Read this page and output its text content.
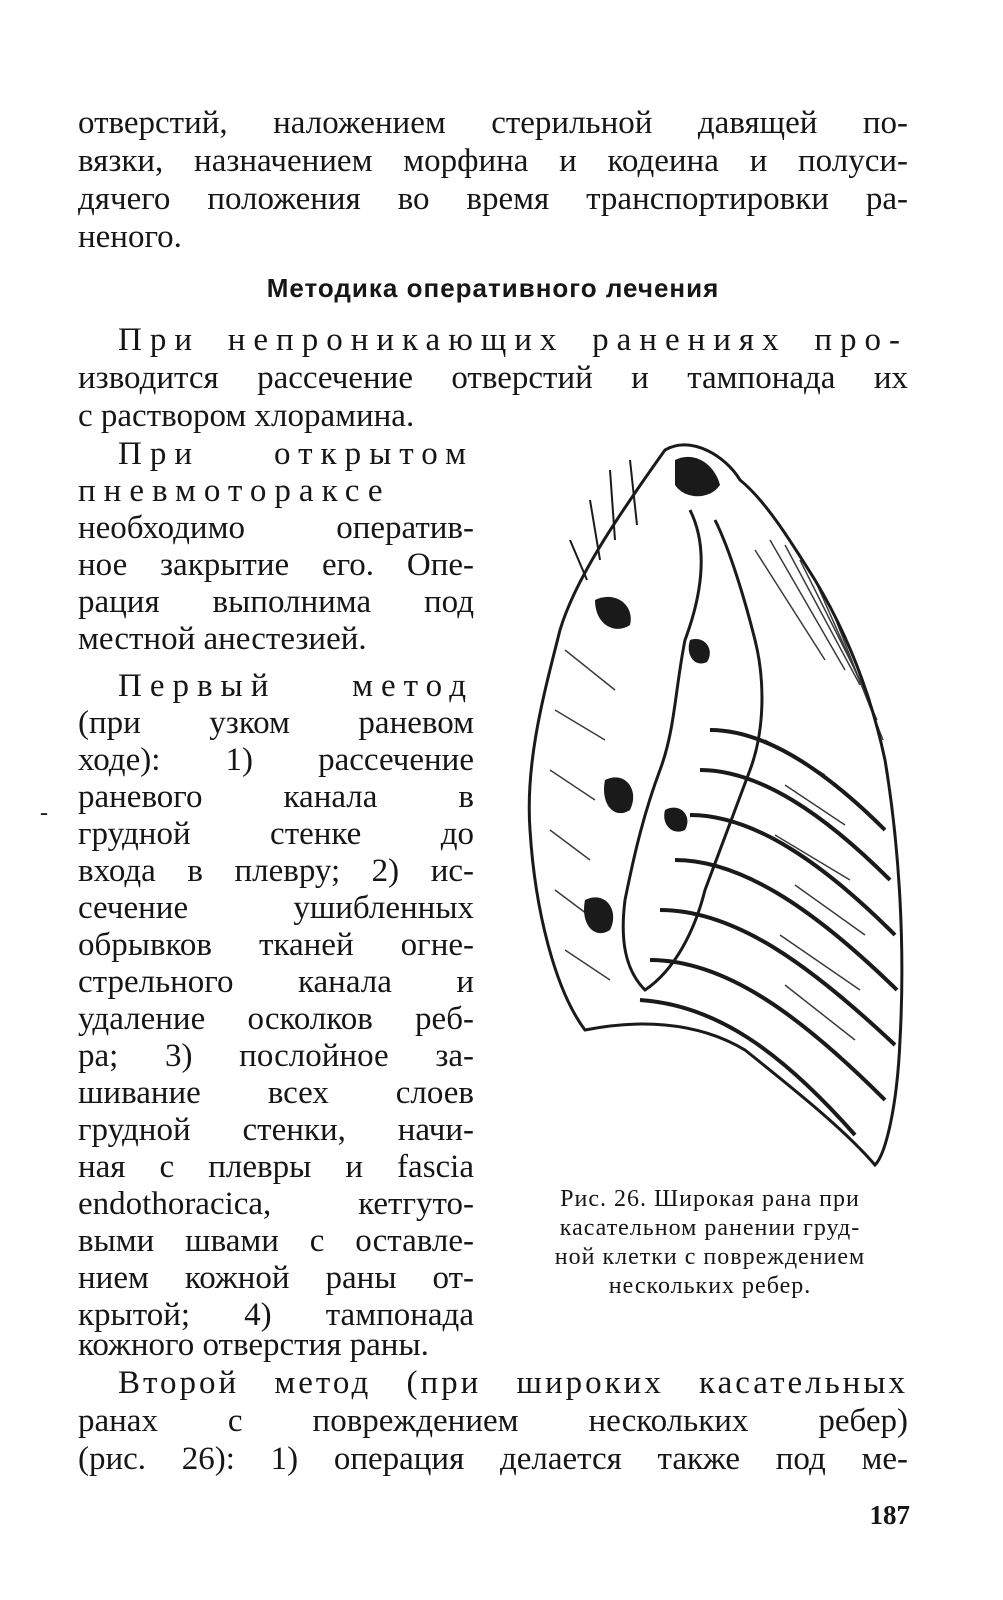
отверстий, наложением стерильной давящей по-

вязки, назначением морфина и кодеина и полуси-

дячего положения во время транспортировки ра-

неного.

Методика оперативного лечения

При непроникающих ранениях про-

изводится рассечение отверстий и тампонада их

с раствором хлорамина.

При открытом
пневмотораксе
необходимо оператив-
ное закрытие его. Опе-
рация выполнима под
местной анестезией.
Первый метод
(при узком раневом
ходе): 1) рассечение
раневого канала в
грудной стенке до
входа в плевру; 2) ис-
сечение ушибленных
обрывков тканей огне-
стрельного канала и
удаление осколков реб-
ра; 3) послойное за-
шивание всех слоев
грудной стенки, начи-
ная с плевры и fascia
endothoracica, кетгуто-
выми швами с оставле-
нием кожной раны от-
крытой; 4) тампонада

кожного отверстия раны.

Рис. 26. Широкая рана при
касательном ранении груд-
ной клетки с повреждением
нескольких ребер.
-

Второй метод (при широких касательных

ранах с повреждением нескольких ребер)

(рис. 26): 1) операция делается также под ме-

187
